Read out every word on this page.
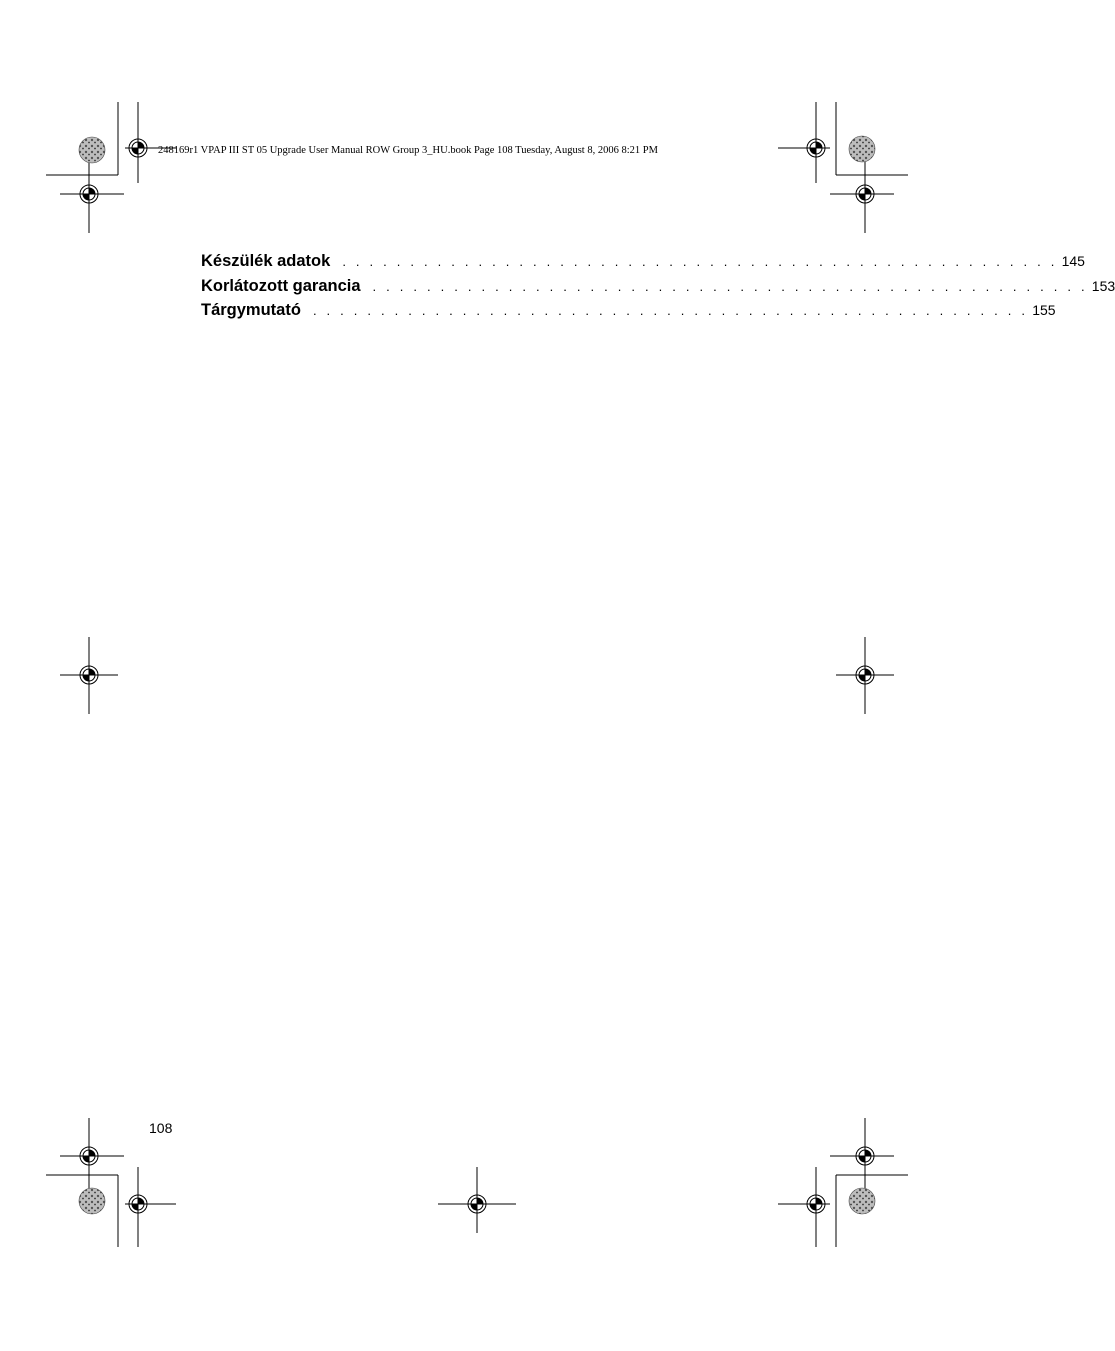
248169r1 VPAP III ST 05 Upgrade User Manual ROW Group 3_HU.book Page 108 Tuesday, August 8, 2006 8:21 PM
Készülék adatok . . . . . . . . . . . . . . . . . . . . . . . . . . . . . . . . . . . . . . . . . . . . . . . . . . . . . 145
Korlátozott garancia . . . . . . . . . . . . . . . . . . . . . . . . . . . . . . . . . . . . . . . . . . . . . . . . . . . . . 153
Tárgymutató . . . . . . . . . . . . . . . . . . . . . . . . . . . . . . . . . . . . . . . . . . . . . . . . . . . . . 155
108
